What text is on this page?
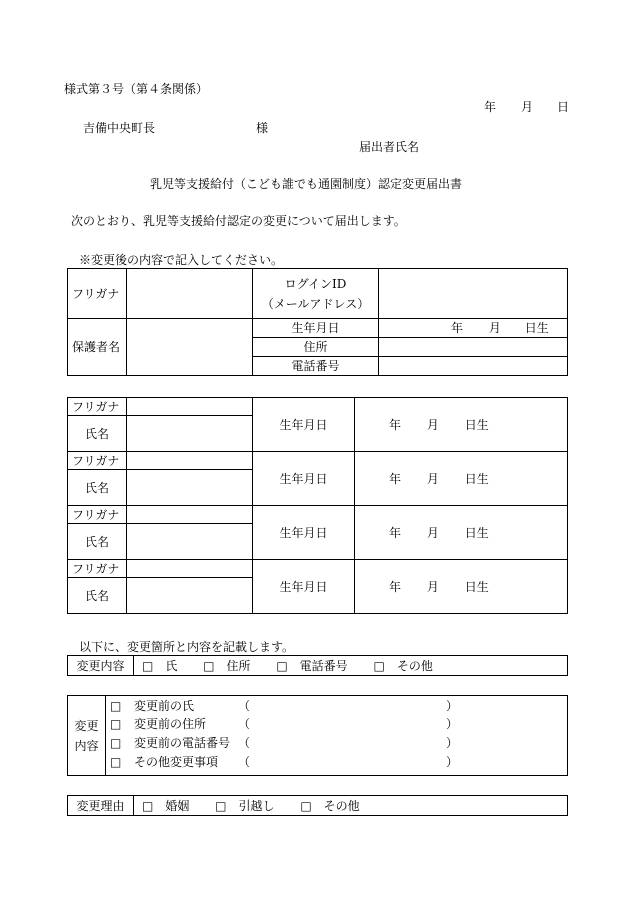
様式第３号（第４条関係）
年 月 日
吉備中央町長	様
届出者氏名
乳児等支援給付（こども誰でも通園制度）認定変更届出書
次のとおり、乳児等支援給付認定の変更について届出します。
※変更後の内容で記入してください。
フリガナ		ログインID
（メールアドレス）	

保護者名		生年月日	年 月 日生
		住所	
		電話番号	
フリガナ		生年月日	年 月 日生
氏名			
フリガナ		生年月日	年 月 日生
氏名			
フリガナ		生年月日	年 月 日生
氏名			
フリガナ		生年月日	年 月 日生
氏名			
以下に、変更箇所と内容を記載します。
変更内容	□　氏 □　住所 □　電話番号 □　その他
変更
内容

□ 変更前の氏	（	）
□ 変更前の住所	（	）
□ 変更前の電話番号 （	）
□ その他変更事項 （	）
変更理由	□　婚姻 □　引越し □　その他
